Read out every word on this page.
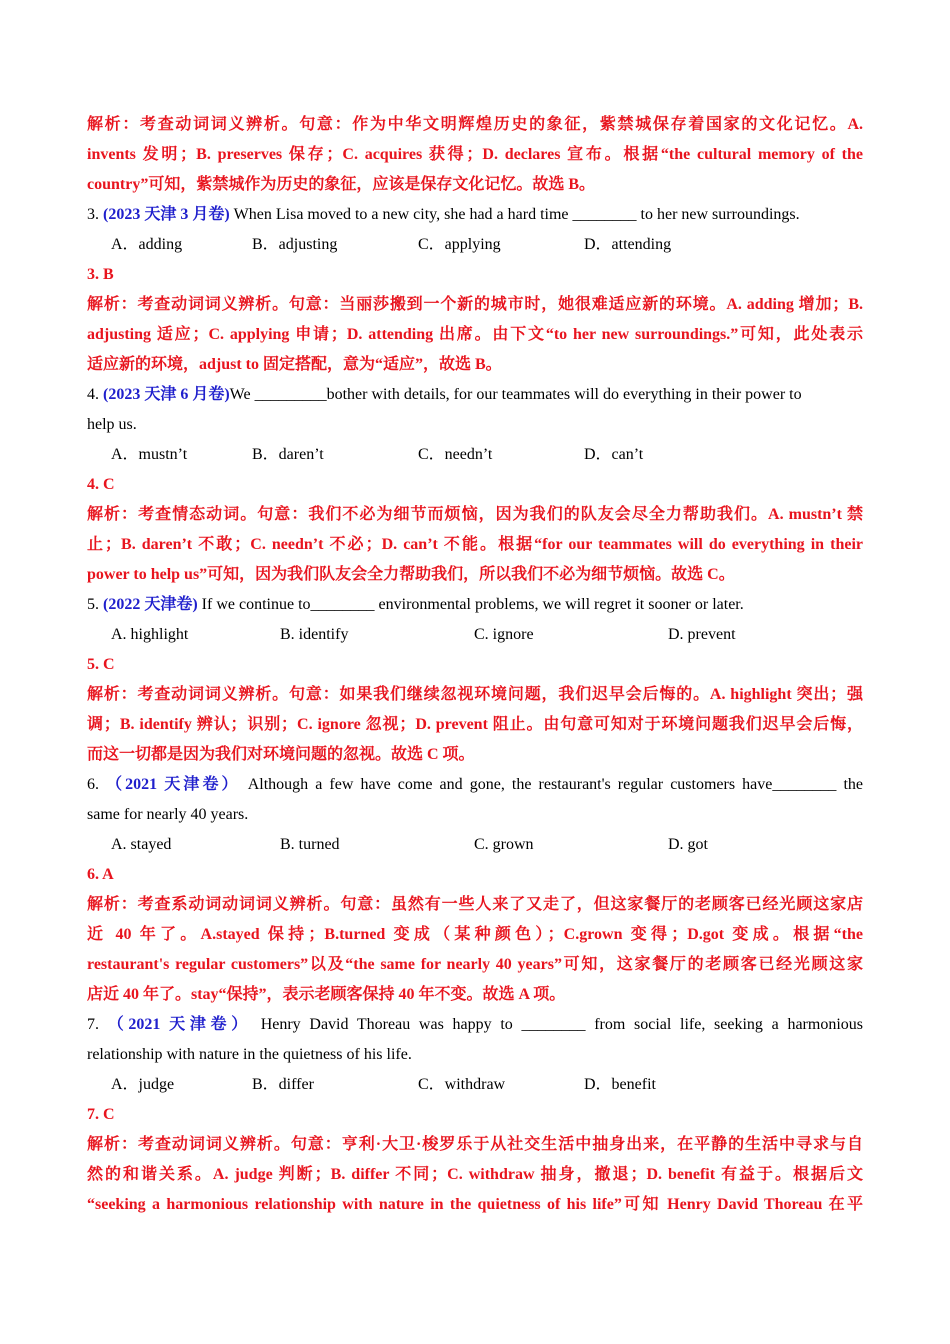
解析：考查动词词义辨析。句意：作为中华文明辉煌历史的象征，紫禁城保存着国家的文化记忆。A.
invents 发明；B. preserves 保存；C. acquires 获得；D. declares 宣布。根据“the cultural memory of the
country”可知，紫禁城作为历史的象征，应该是保存文化记忆。故选 B。
3. (2023 天津 3 月卷) When Lisa moved to a new city, she had a hard time ________ to her new surroundings.
A．adding	B．adjusting	C．applying	D．attending
3. B
解析：考查动词词义辨析。句意：当丽莎搬到一个新的城市时，她很难适应新的环境。A. adding 增加；B.
adjusting 适应；C. applying 申请；D. attending 出席。由下文“to her new surroundings.”可知，此处表示
适应新的环境，adjust to 固定搭配，意为“适应”，故选 B。
4. (2023 天津 6 月卷)We _________bother with details, for our teammates will do everything in their power to
help us.
A．mustn’t	B．daren’t	C．needn’t	D．can’t
4. C
解析：考查情态动词。句意：我们不必为细节而烦恼，因为我们的队友会尽全力帮助我们。A. mustn’t 禁
止；B. daren’t 不敢；C. needn’t 不必；D. can’t 不能。根据“for our teammates will do everything in their
power to help us”可知，因为我们队友会全力帮助我们，所以我们不必为细节烦恼。故选 C。
5. (2022 天津卷) If we continue to________ environmental problems, we will regret it sooner or later.
A. highlight	B. identify	C. ignore	D. prevent
5. C
解析：考查动词词义辨析。句意：如果我们继续忽视环境问题，我们迟早会后悔的。A. highlight 突出；强
调；B. identify 辨认；识别；C. ignore 忽视；D. prevent 阻止。由句意可知对于环境问题我们迟早会后悔，
而这一切都是因为我们对环境问题的忽视。故选 C 项。
6. （2021 天津卷） Although a few have come and gone, the restaurant's regular customers have________ the
same for nearly 40 years.
A. stayed	B. turned	C. grown	D. got
6. A
解析：考查系动词动词词义辨析。句意：虽然有一些人来了又走了，但这家餐厅的老顾客已经光顾这家店
近 40 年了。A.stayed 保持；B.turned 变成（某种颜色）；C.grown 变得；D.got 变成。根据“the
restaurant's regular customers”以及“the same for nearly 40 years”可知，这家餐厅的老顾客已经光顾这家
店近 40 年了。stay“保持”，表示老顾客保持 40 年不变。故选 A 项。
7. （2021 天津卷） Henry David Thoreau was happy to ________ from social life, seeking a harmonious
relationship with nature in the quietness of his life.
A．judge	B．differ	C．withdraw	D．benefit
7. C
解析：考查动词词义辨析。句意：亨利·大卫·梭罗乐于从社交生活中抽身出来，在平静的生活中寻求与自
然的和谐关系。A. judge 判断；B. differ 不同；C. withdraw 抽身，撤退；D. benefit 有益于。根据后文
“seeking a harmonious relationship with nature in the quietness of his life”可知 Henry David Thoreau 在平
